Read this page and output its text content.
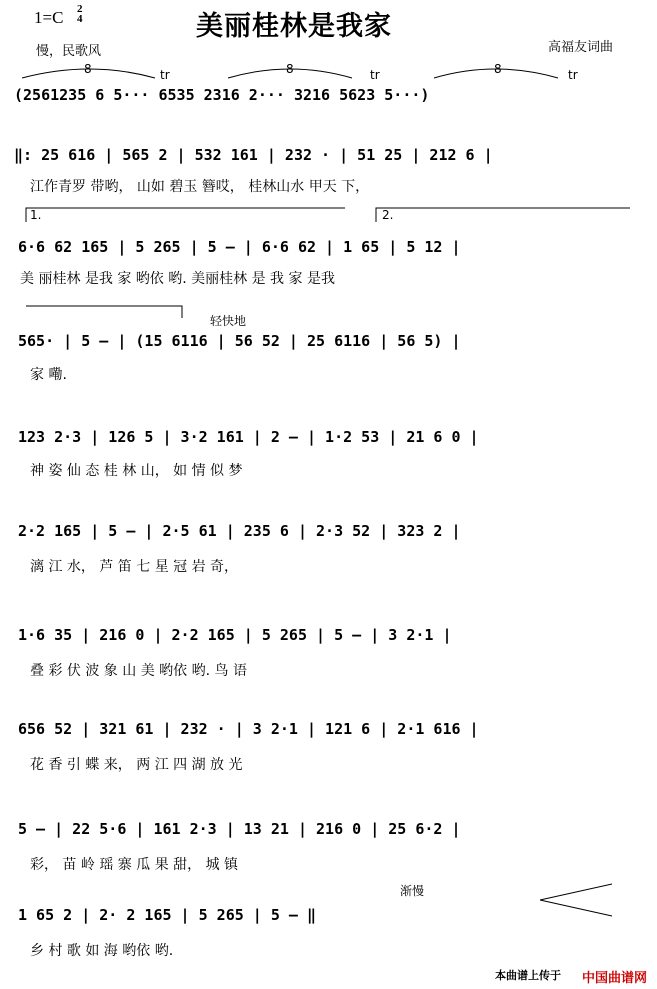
1=C 2
4	美丽桂林是我家
慢，民歌风	高福友词曲
(2561235 6 5··· 6535 2316 2··· 3216 5623 5···)
tr	tr	tr
8	8	8
‖: 25 616 | 565 2 | 532 161 | 232 · | 51 25 | 212 6 |
江作青罗 带哟， 山如 碧玉 簪哎， 桂林山水 甲天 下，
1.	2.
6·6 62 165 | 5 265 | 5 – | 6·6 62 | 1 65 | 5 12 |
美 丽桂林 是我 家 哟依 哟. 美丽桂林 是 我 家 是我
轻快地
565· | 5 – | (15 6116 | 56 52 | 25 6116 | 56 5) |
家 嘞.
123 2·3 | 126 5 | 3·2 161 | 2 – | 1·2 53 | 21 6 0 |
神 姿 仙 态 桂 林 山， 如 情 似 梦
2·2 165 | 5 – | 2·5 61 | 235 6 | 2·3 52 | 323 2 |
漓 江 水， 芦 笛 七 星 冠 岩 奇，
1·6 35 | 216 0 | 2·2 165 | 5 265 | 5 – | 3 2·1 |
叠 彩 伏 波 象 山 美 哟依 哟. 鸟 语
656 52 | 321 61 | 232 · | 3 2·1 | 121 6 | 2·1 616 |
花 香 引 蝶 来， 两 江 四 湖 放 光
5 – | 22 5·6 | 161 2·3 | 13 21 | 216 0 | 25 6·2 |
彩， 苗 岭 瑶 寨 瓜 果 甜， 城 镇
渐慢
1 65 2 | 2· 2 165 | 5 265 | 5 – ‖
乡 村 歌 如 海 哟依 哟.
本曲谱上传于 中国曲谱网
